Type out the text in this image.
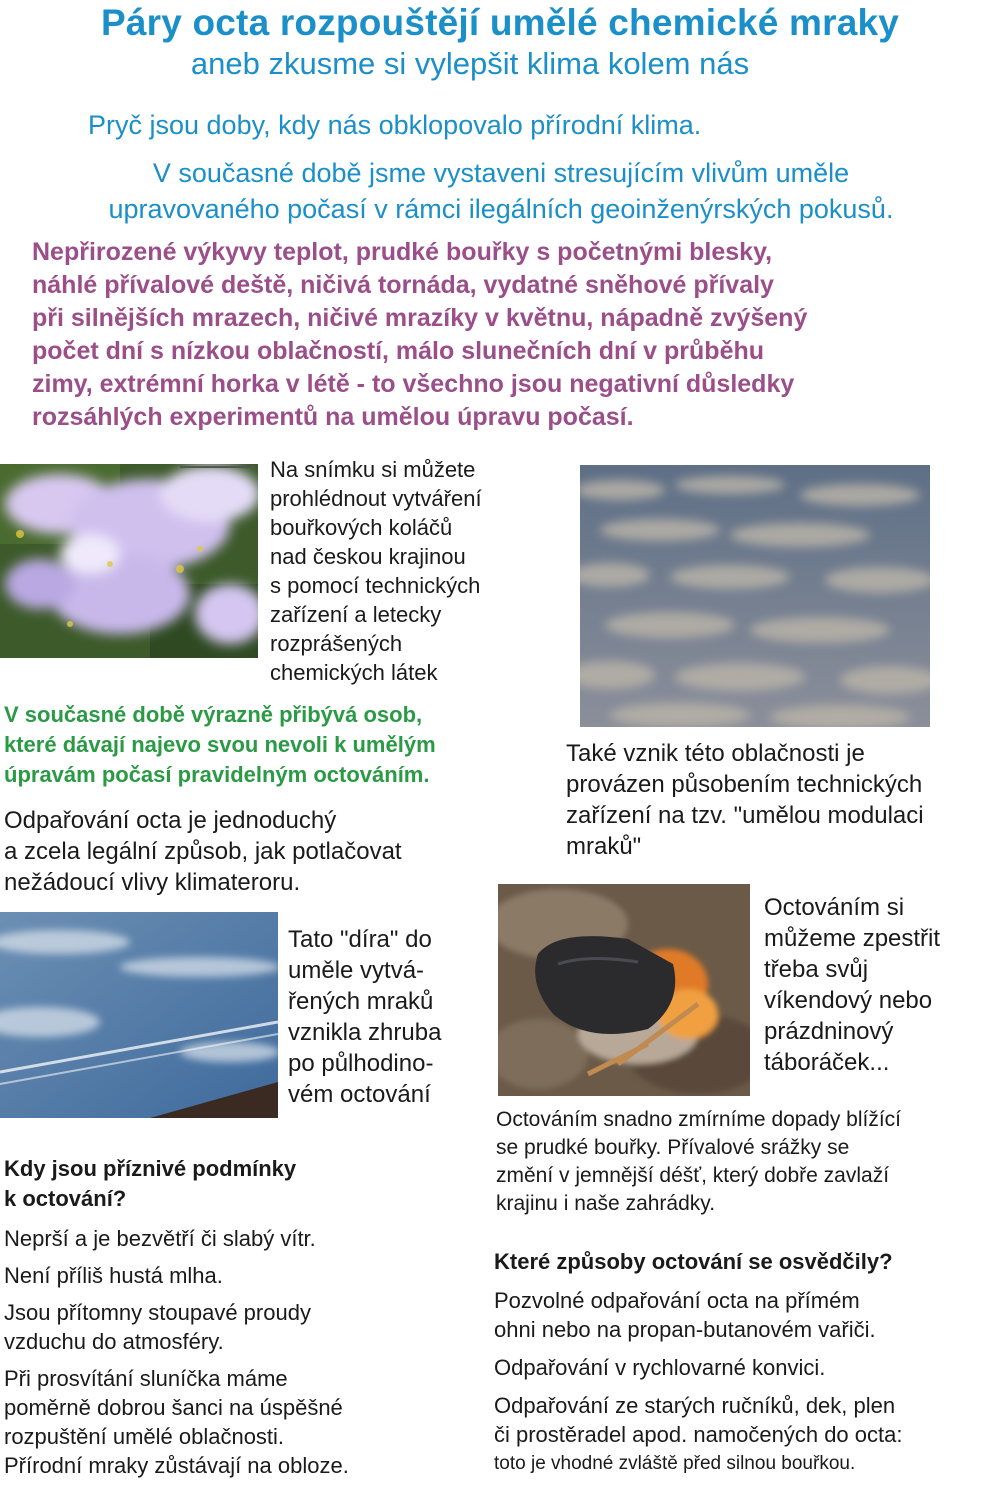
Páry octa rozpouštějí umělé chemické mraky
aneb zkusme si vylepšit klima kolem nás
Pryč jsou doby, kdy nás obklopovalo přírodní klima.

V současné době jsme vystaveni stresujícím vlivům uměle

upravovaného počasí v rámci ilegálních geoinženýrských pokusů.

Nepřirozené výkyvy teplot, prudké bouřky s početnými blesky,

náhlé přívalové deště, ničivá tornáda, vydatné sněhové přívaly

při silnějších mrazech, ničivé mrazíky v květnu, nápadně zvýšený

počet dní s nízkou oblačností, málo slunečních dní v průběhu

zimy, extrémní horka v létě - to všechno jsou negativní důsledky

rozsáhlých experimentů na umělou úpravu počasí.

Na snímku si můžete

prohlédnout vytváření

bouřkových koláčů

nad českou krajinou

s pomocí technických

zařízení a letecky

rozprášených

chemických látek

Také vznik této oblačnosti je

provázen působením technických

zařízení na tzv. "umělou modulaci

mraků"

V současné době výrazně přibývá osob,

které dávají najevo svou nevoli k umělým

úpravám počasí pravidelným octováním.

Odpařování octa je jednoduchý

a zcela legální způsob, jak potlačovat

nežádoucí vlivy klimateroru.

Tato "díra" do

uměle vytvá-

řených mraků

vznikla zhruba

po půlhodino-

vém octování

Octováním si

můžeme zpestřit

třeba svůj

víkendový nebo

prázdninový

táboráček...

Octováním snadno zmírníme dopady blížící

se prudké bouřky. Přívalové srážky se

změní v jemnější déšť, který dobře zavlaží

krajinu i naše zahrádky.

Kdy jsou příznivé podmínky

k octování?

Neprší a je bezvětří či slabý vítr.

Není příliš hustá mlha.

Jsou přítomny stoupavé proudy

vzduchu do atmosféry.

Při prosvítání sluníčka máme

poměrně dobrou šanci na úspěšné

rozpuštění umělé oblačnosti.

Přírodní mraky zůstávají na obloze.

Které způsoby octování se osvědčily?

Pozvolné odpařování octa na přímém

ohni nebo na propan-butanovém vařiči.

Odpařování v rychlovarné konvici.

Odpařování ze starých ručníků, dek, plen

či prostěradel apod. namočených do octa:

toto je vhodné zvláště před silnou bouřkou.
